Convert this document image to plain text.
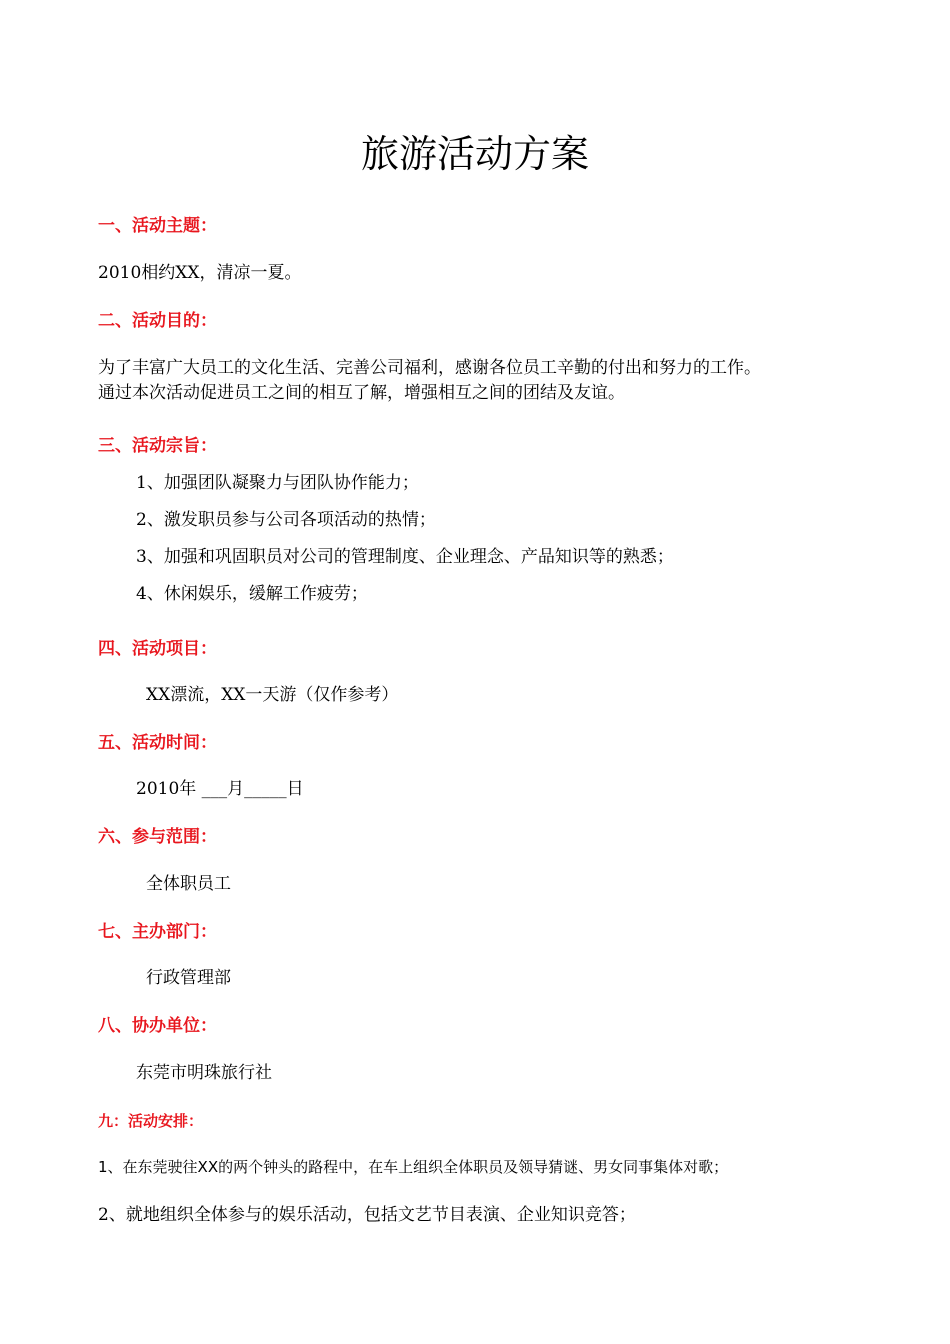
旅游活动方案
一、活动主题：
2010相约XX，清凉一夏。
二、活动目的：
为了丰富广大员工的文化生活、完善公司福利，感谢各位员工辛勤的付出和努力的工作。
通过本次活动促进员工之间的相互了解，增强相互之间的团结及友谊。
三、活动宗旨：
1、加强团队凝聚力与团队协作能力；
2、激发职员参与公司各项活动的热情；
3、加强和巩固职员对公司的管理制度、企业理念、产品知识等的熟悉；
4、休闲娱乐，缓解工作疲劳；
四、活动项目：
XX漂流，XX一天游（仅作参考）
五、活动时间：
2010年 ___月_____日
六、参与范围：
全体职员工
七、主办部门：
行政管理部
八、协办单位：
东莞市明珠旅行社
九：活动安排：
1、在东莞驶往XX的两个钟头的路程中，在车上组织全体职员及领导猜谜、男女同事集体对歌；
2、就地组织全体参与的娱乐活动，包括文艺节目表演、企业知识竞答；
